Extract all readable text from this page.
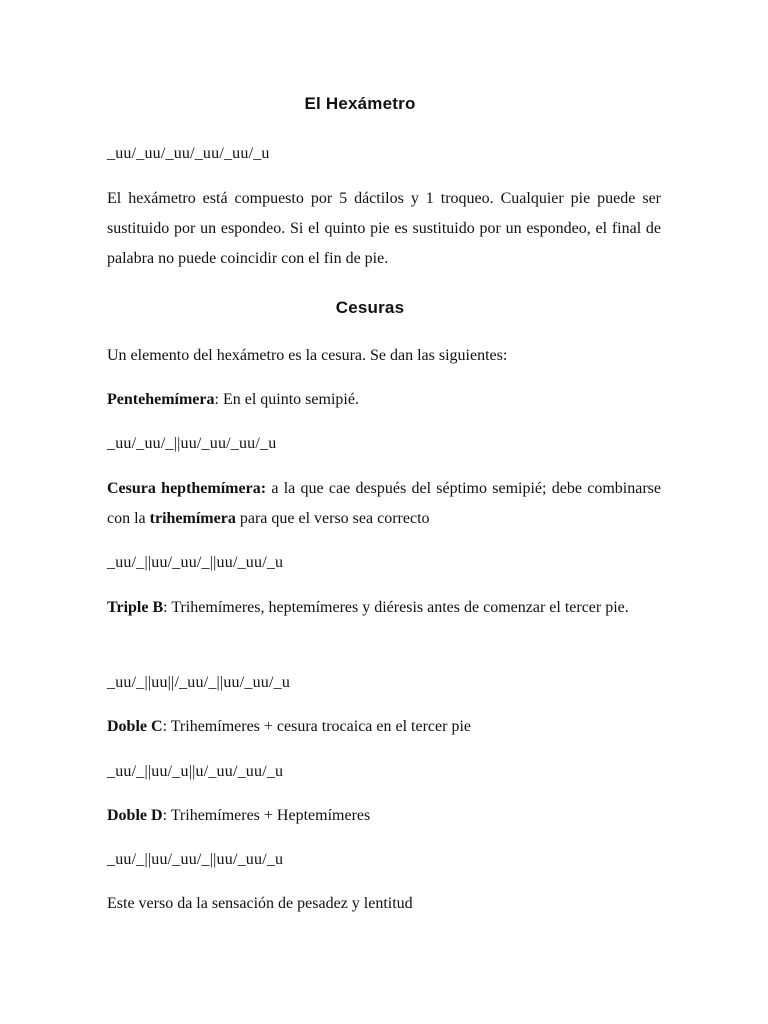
El Hexámetro

_uu/_uu/_uu/_uu/_uu/_u

El hexámetro está compuesto por 5 dáctilos y 1 troqueo. Cualquier pie puede ser sustituido por un espondeo. Si el quinto pie es sustituido por un espondeo, el final de palabra no puede coincidir con el fin de pie.

Cesuras

Un elemento del hexámetro es la cesura. Se dan las siguientes:

Pentehemímera: En el quinto semipié.

_uu/_uu/_||uu/_uu/_uu/_u

Cesura hepthemímera: a la que cae después del séptimo semipié; debe combinarse con la trihemímera para que el verso sea correcto

_uu/_||uu/_uu/_||uu/_uu/_u

Triple B: Trihemímeres, heptemímeres y diéresis antes de comenzar el tercer pie.

_uu/_||uu||/_uu/_||uu/_uu/_u

Doble C: Trihemímeres + cesura trocaica en el tercer pie

_uu/_||uu/_u||u/_uu/_uu/_u

Doble D: Trihemímeres + Heptemímeres

_uu/_||uu/_uu/_||uu/_uu/_u

Este verso da la sensación de pesadez y lentitud
